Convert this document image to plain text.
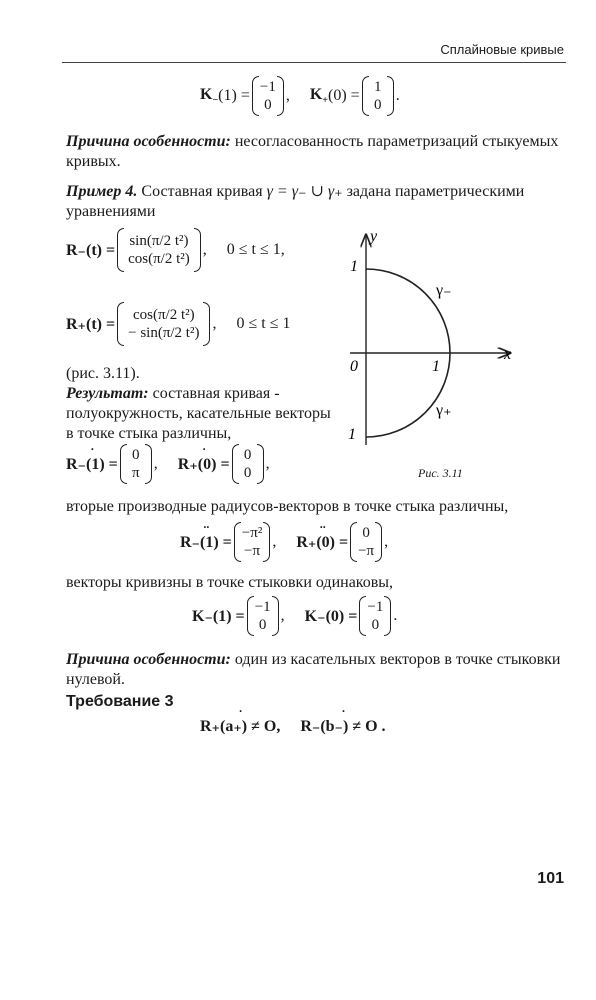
Сплайновые кривые
$K_-$ (1) = −1
0
, $K_+$ (0) = 1
0
.
Причина особенности: несогласованность параметризаций стыкуемых кривых.
Пример 4. Составная кривая γ = γ₋ ∪ γ₊ задана параметрическими уравнениями
R₋(t) =
sin(π/2 t²)
cos(π/2 t²)
, 0 ≤ t ≤ 1,
R₊(t) =
cos(π/2 t²)
− sin(π/2 t²)
, 0 ≤ t ≤ 1
(рис. 3.11).
Результат: составная кривая - полуокружность, касательные векторы в точке стыка различны,
· R₋(1) =
0
π
, · R₊(0) =
0
0
,
y
x
1
1
0	1
γ₋
γ₊
Рис. 3.11
вторые производные радиусов-векторов в точке стыка различны,
·· R₋(1) =
−π²
−π
, ·· R₊(0) =
0
−π
,
векторы кривизны в точке стыковки одинаковы,
K₋(1) =
−1
0
, K₋(0) =
−1
0
.
Причина особенности: один из касательных векторов в точке стыковки нулевой.
Требование 3
· R₊(a₊) ≠ O, · R₋(b₋) ≠ O .
101
